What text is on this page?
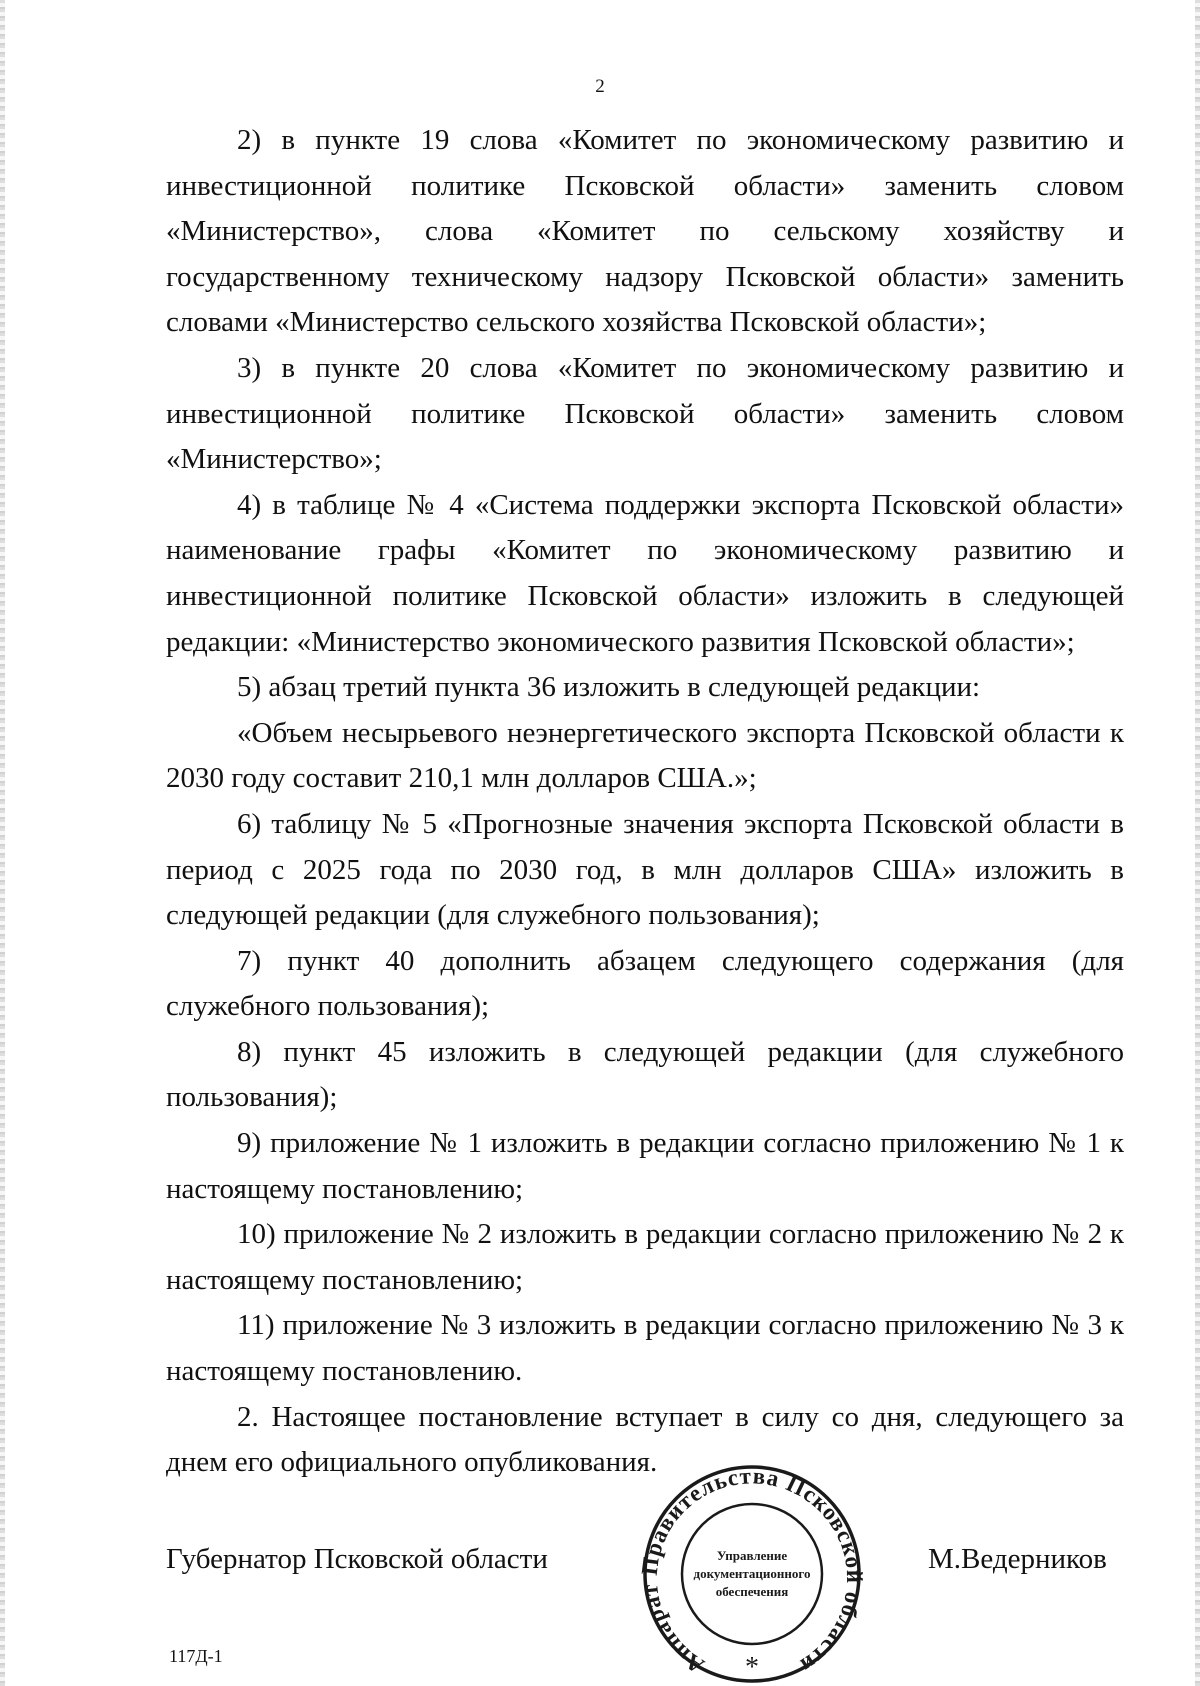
2

2) в пункте 19 слова «Комитет по экономическому развитию и инвестиционной политике Псковской области» заменить словом «Министерство», слова «Комитет по сельскому хозяйству и государственному техническому надзору Псковской области» заменить словами «Министерство сельского хозяйства Псковской области»;

3) в пункте 20 слова «Комитет по экономическому развитию и инвестиционной политике Псковской области» заменить словом «Министерство»;

4) в таблице № 4 «Система поддержки экспорта Псковской области» наименование графы «Комитет по экономическому развитию и инвестиционной политике Псковской области» изложить в следующей редакции: «Министерство экономического развития Псковской области»;

5) абзац третий пункта 36 изложить в следующей редакции:

«Объем несырьевого неэнергетического экспорта Псковской области к 2030 году составит 210,1 млн долларов США.»;

6) таблицу № 5 «Прогнозные значения экспорта Псковской области в период с 2025 года по 2030 год, в млн долларов США» изложить в следующей редакции (для служебного пользования);

7) пункт 40 дополнить абзацем следующего содержания (для служебного пользования);

8) пункт 45 изложить в следующей редакции (для служебного пользования);

9) приложение № 1 изложить в редакции согласно приложению № 1 к настоящему постановлению;

10) приложение № 2 изложить в редакции согласно приложению № 2 к настоящему постановлению;

11) приложение № 3 изложить в редакции согласно приложению № 3 к настоящему постановлению.

2. Настоящее постановление вступает в силу со дня, следующего за днем его официального опубликования.

Губернатор Псковской области	М.Ведерников
Аппарат Правительства Псковской области
Управление
документационного
обеспечения
*
117Д-1
